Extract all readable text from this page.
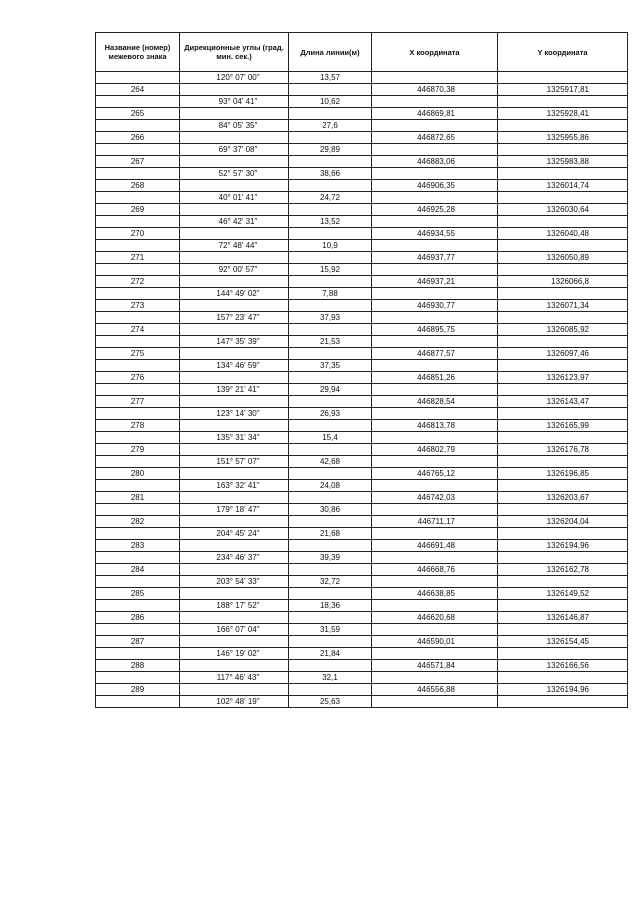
Название (номер) межевого знака	Дирекционные углы (град. мин. сек.)	Длина линии(м)	X координата	Y координата
	120° 07' 00"	13,57		
264			446870,38	1325917,81
	93° 04' 41"	10,62		
265			446869,81	1325928,41
	84° 05' 35"	27,6		
266			446872,65	1325955,86
	69° 37' 08"	29,89		
267			446883,06	1325983,88
	52° 57' 30"	38,66		
268			446906,35	1326014,74
	40° 01' 41"	24,72		
269			446925,28	1326030,64
	46° 42' 31"	13,52		
270			446934,55	1326040,48
	72° 48' 44"	10,9		
271			446937,77	1326050,89
	92° 00' 57"	15,92		
272			446937,21	1326066,8
	144° 49' 02"	7,88		
273			446930,77	1326071,34
	157° 23' 47"	37,93		
274			446895,75	1326085,92
	147° 35' 39"	21,53		
275			446877,57	1326097,46
	134° 46' 59"	37,35		
276			446851,26	1326123,97
	139° 21' 41"	29,94		
277			446828,54	1326143,47
	123° 14' 30"	26,93		
278			446813,78	1326165,99
	135° 31' 34"	15,4		
279			446802,79	1326176,78
	151° 57' 07"	42,68		
280			446765,12	1326196,85
	163° 32' 41"	24,08		
281			446742,03	1326203,67
	179° 18' 47"	30,86		
282			446711,17	1326204,04
	204° 45' 24"	21,68		
283			446691,48	1326194,96
	234° 46' 37"	39,39		
284			446668,76	1326162,78
	203° 54' 33"	32,72		
285			446638,85	1326149,52
	188° 17' 52"	18,36		
286			446620,68	1326146,87
	166° 07' 04"	31,59		
287			446590,01	1326154,45
	146° 19' 02"	21,84		
288			446571,84	1326166,56
	117° 46' 43"	32,1		
289			446556,88	1326194,96
	102° 48' 19"	25,63		
